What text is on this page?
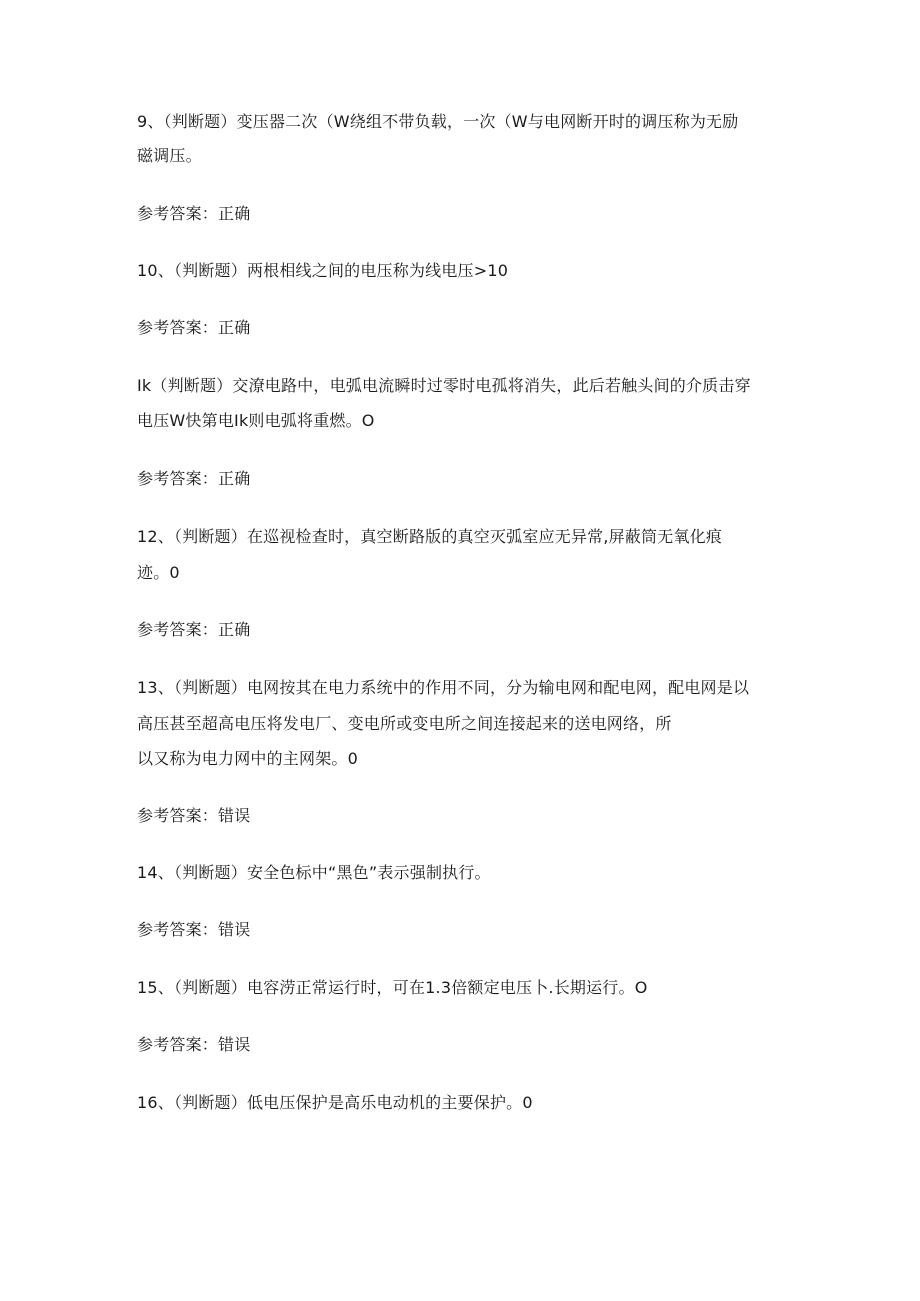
9、（判断题）变压器二次（W绕组不带负载，一次（W与电网断开时的调压称为无励
磁调压。
参考答案：正确
10、（判断题）两根相线之间的电压称为线电压>10
参考答案：正确
Ik（判断题）交潦电路中，电弧电流瞬时过零时电孤将消失，此后若触头间的介质击穿
电压W快第电Ik则电弧将重燃。O
参考答案：正确
12、（判断题）在巡视检查时，真空断路版的真空灭弧室应无异常,屏蔽筒无氧化痕
迹。0
参考答案：正确
13、（判断题）电网按其在电力系统中的作用不同，分为输电网和配电网，配电网是以
高压甚至超高电压将发电厂、变电所或变电所之间连接起来的送电网络，所
以又称为电力网中的主网架。0
参考答案：错误
14、（判断题）安全色标中“黑色”表示强制执行。
参考答案：错误
15、（判断题）电容涝正常运行时，可在1.3倍额定电压卜.长期运行。O
参考答案：错误
16、（判断题）低电压保护是高乐电动机的主要保护。0
